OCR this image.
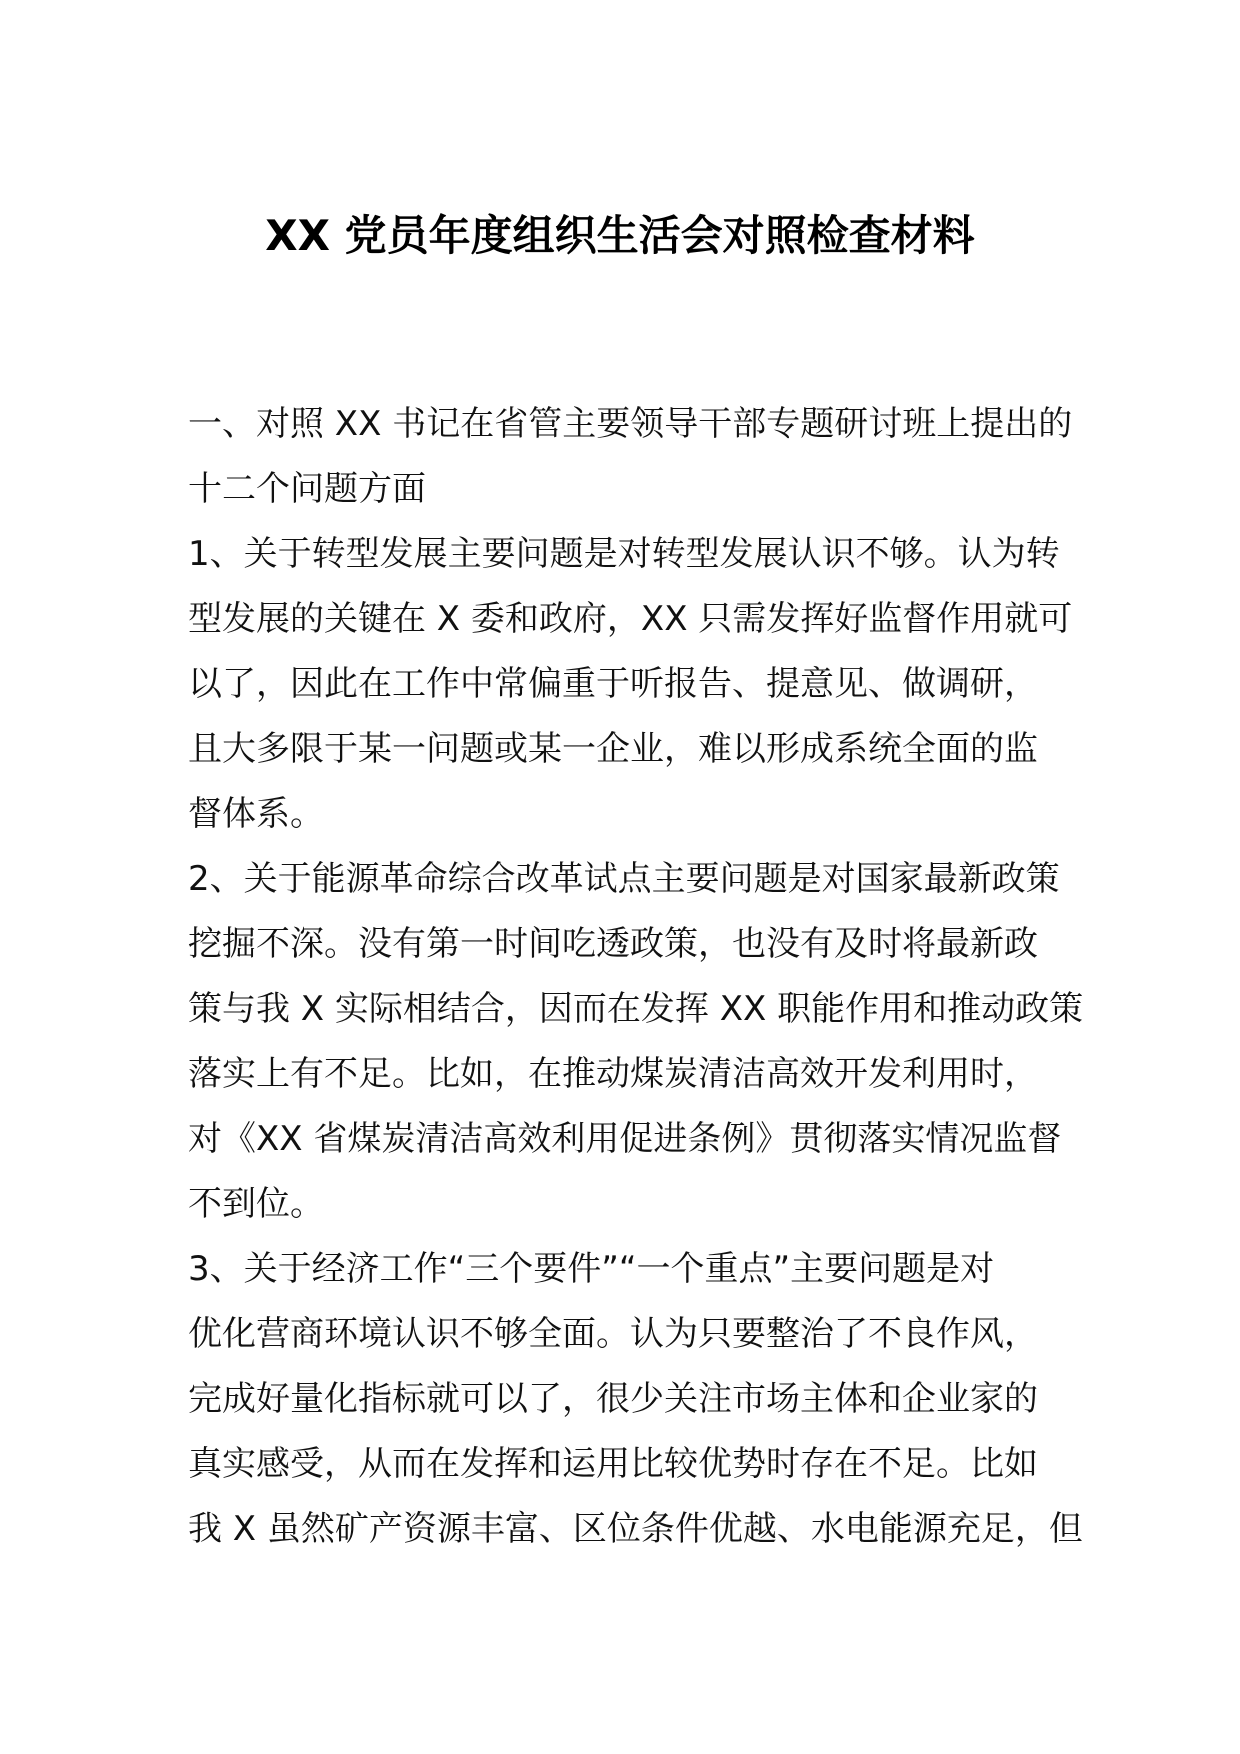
XX 党员年度组织生活会对照检查材料
一、对照 XX 书记在省管主要领导干部专题研讨班上提出的
十二个问题方面
1、关于转型发展主要问题是对转型发展认识不够。认为转
型发展的关键在 X 委和政府，XX 只需发挥好监督作用就可
以了，因此在工作中常偏重于听报告、提意见、做调研，
且大多限于某一问题或某一企业，难以形成系统全面的监
督体系。
2、关于能源革命综合改革试点主要问题是对国家最新政策
挖掘不深。没有第一时间吃透政策，也没有及时将最新政
策与我 X 实际相结合，因而在发挥 XX 职能作用和推动政策
落实上有不足。比如，在推动煤炭清洁高效开发利用时，
对《XX 省煤炭清洁高效利用促进条例》贯彻落实情况监督
不到位。
3、关于经济工作“三个要件”“一个重点”主要问题是对
优化营商环境认识不够全面。认为只要整治了不良作风，
完成好量化指标就可以了，很少关注市场主体和企业家的
真实感受，从而在发挥和运用比较优势时存在不足。比如
我 X 虽然矿产资源丰富、区位条件优越、水电能源充足，但
